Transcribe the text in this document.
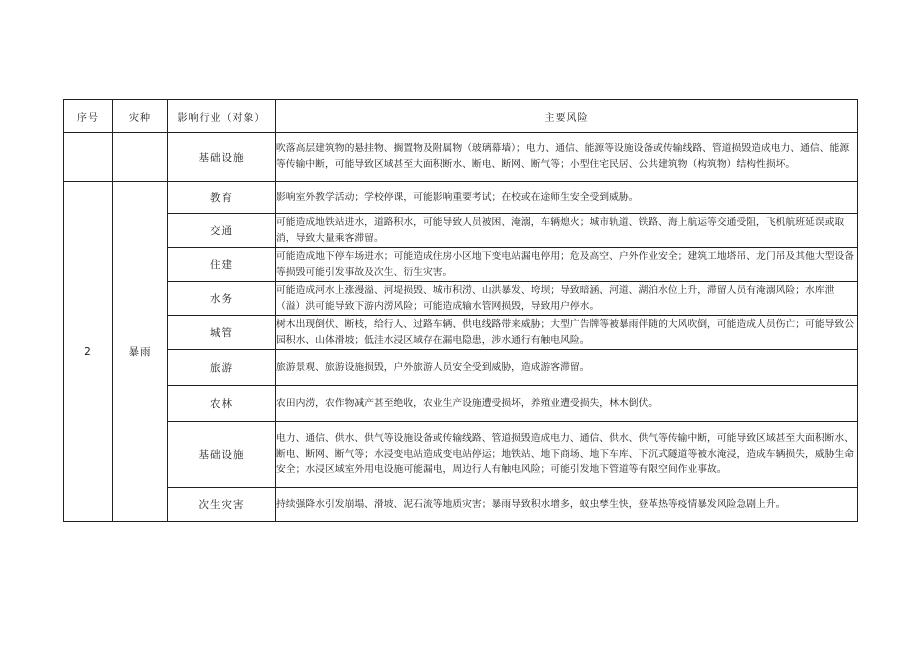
序号	灾种	影响行业（对象）	主要风险
		基础设施	吹落高层建筑物的悬挂物、搁置物及附属物（玻璃幕墙）；电力、通信、能源等设施设备或传输线路、管道损毁造成电力、通信、能源等传输中断，可能导致区域甚至大面积断水、断电、断网、断气等；小型住宅民居、公共建筑物（构筑物）结构性损坏。
2	暴雨	教育	影响室外教学活动；学校停课，可能影响重要考试；在校或在途师生安全受到威胁。
		交通	可能造成地铁站进水，道路积水，可能导致人员被困、淹溺，车辆熄火；城市轨道、铁路、海上航运等交通受阻，飞机航班延误或取消，导致大量乘客滞留。
		住建	可能造成地下停车场进水；可能造成住房小区地下变电站漏电停用；危及高空、户外作业安全；建筑工地塔吊、龙门吊及其他大型设备等损毁可能引发事故及次生、衍生灾害。
		水务	可能造成河水上涨漫溢、河堤损毁、城市积涝、山洪暴发、垮坝；导致暗涵、河道、湖泊水位上升，滞留人员有淹溺风险；水库泄（溢）洪可能导致下游内涝风险；可能造成输水管网损毁，导致用户停水。
		城管	树木出现倒伏、断枝，给行人、过路车辆、供电线路带来威胁；大型广告牌等被暴雨伴随的大风吹倒，可能造成人员伤亡；可能导致公园积水、山体滑坡；低洼水浸区域存在漏电隐患，涉水通行有触电风险。
		旅游	旅游景观、旅游设施损毁，户外旅游人员安全受到威胁，造成游客滞留。
		农林	农田内涝，农作物减产甚至绝收，农业生产设施遭受损坏，养殖业遭受损失，林木倒伏。
		基础设施	电力、通信、供水、供气等设施设备或传输线路、管道损毁造成电力、通信、供水、供气等传输中断，可能导致区域甚至大面积断水、断电、断网、断气等；水浸变电站造成变电站停运；地铁站、地下商场、地下车库、下沉式隧道等被水淹浸，造成车辆损失，威胁生命安全；水浸区域室外用电设施可能漏电，周边行人有触电风险；可能引发地下管道等有限空间作业事故。
		次生灾害	持续强降水引发崩塌、滑坡、泥石流等地质灾害；暴雨导致积水增多，蚊虫孳生快，登革热等疫情暴发风险急剧上升。
